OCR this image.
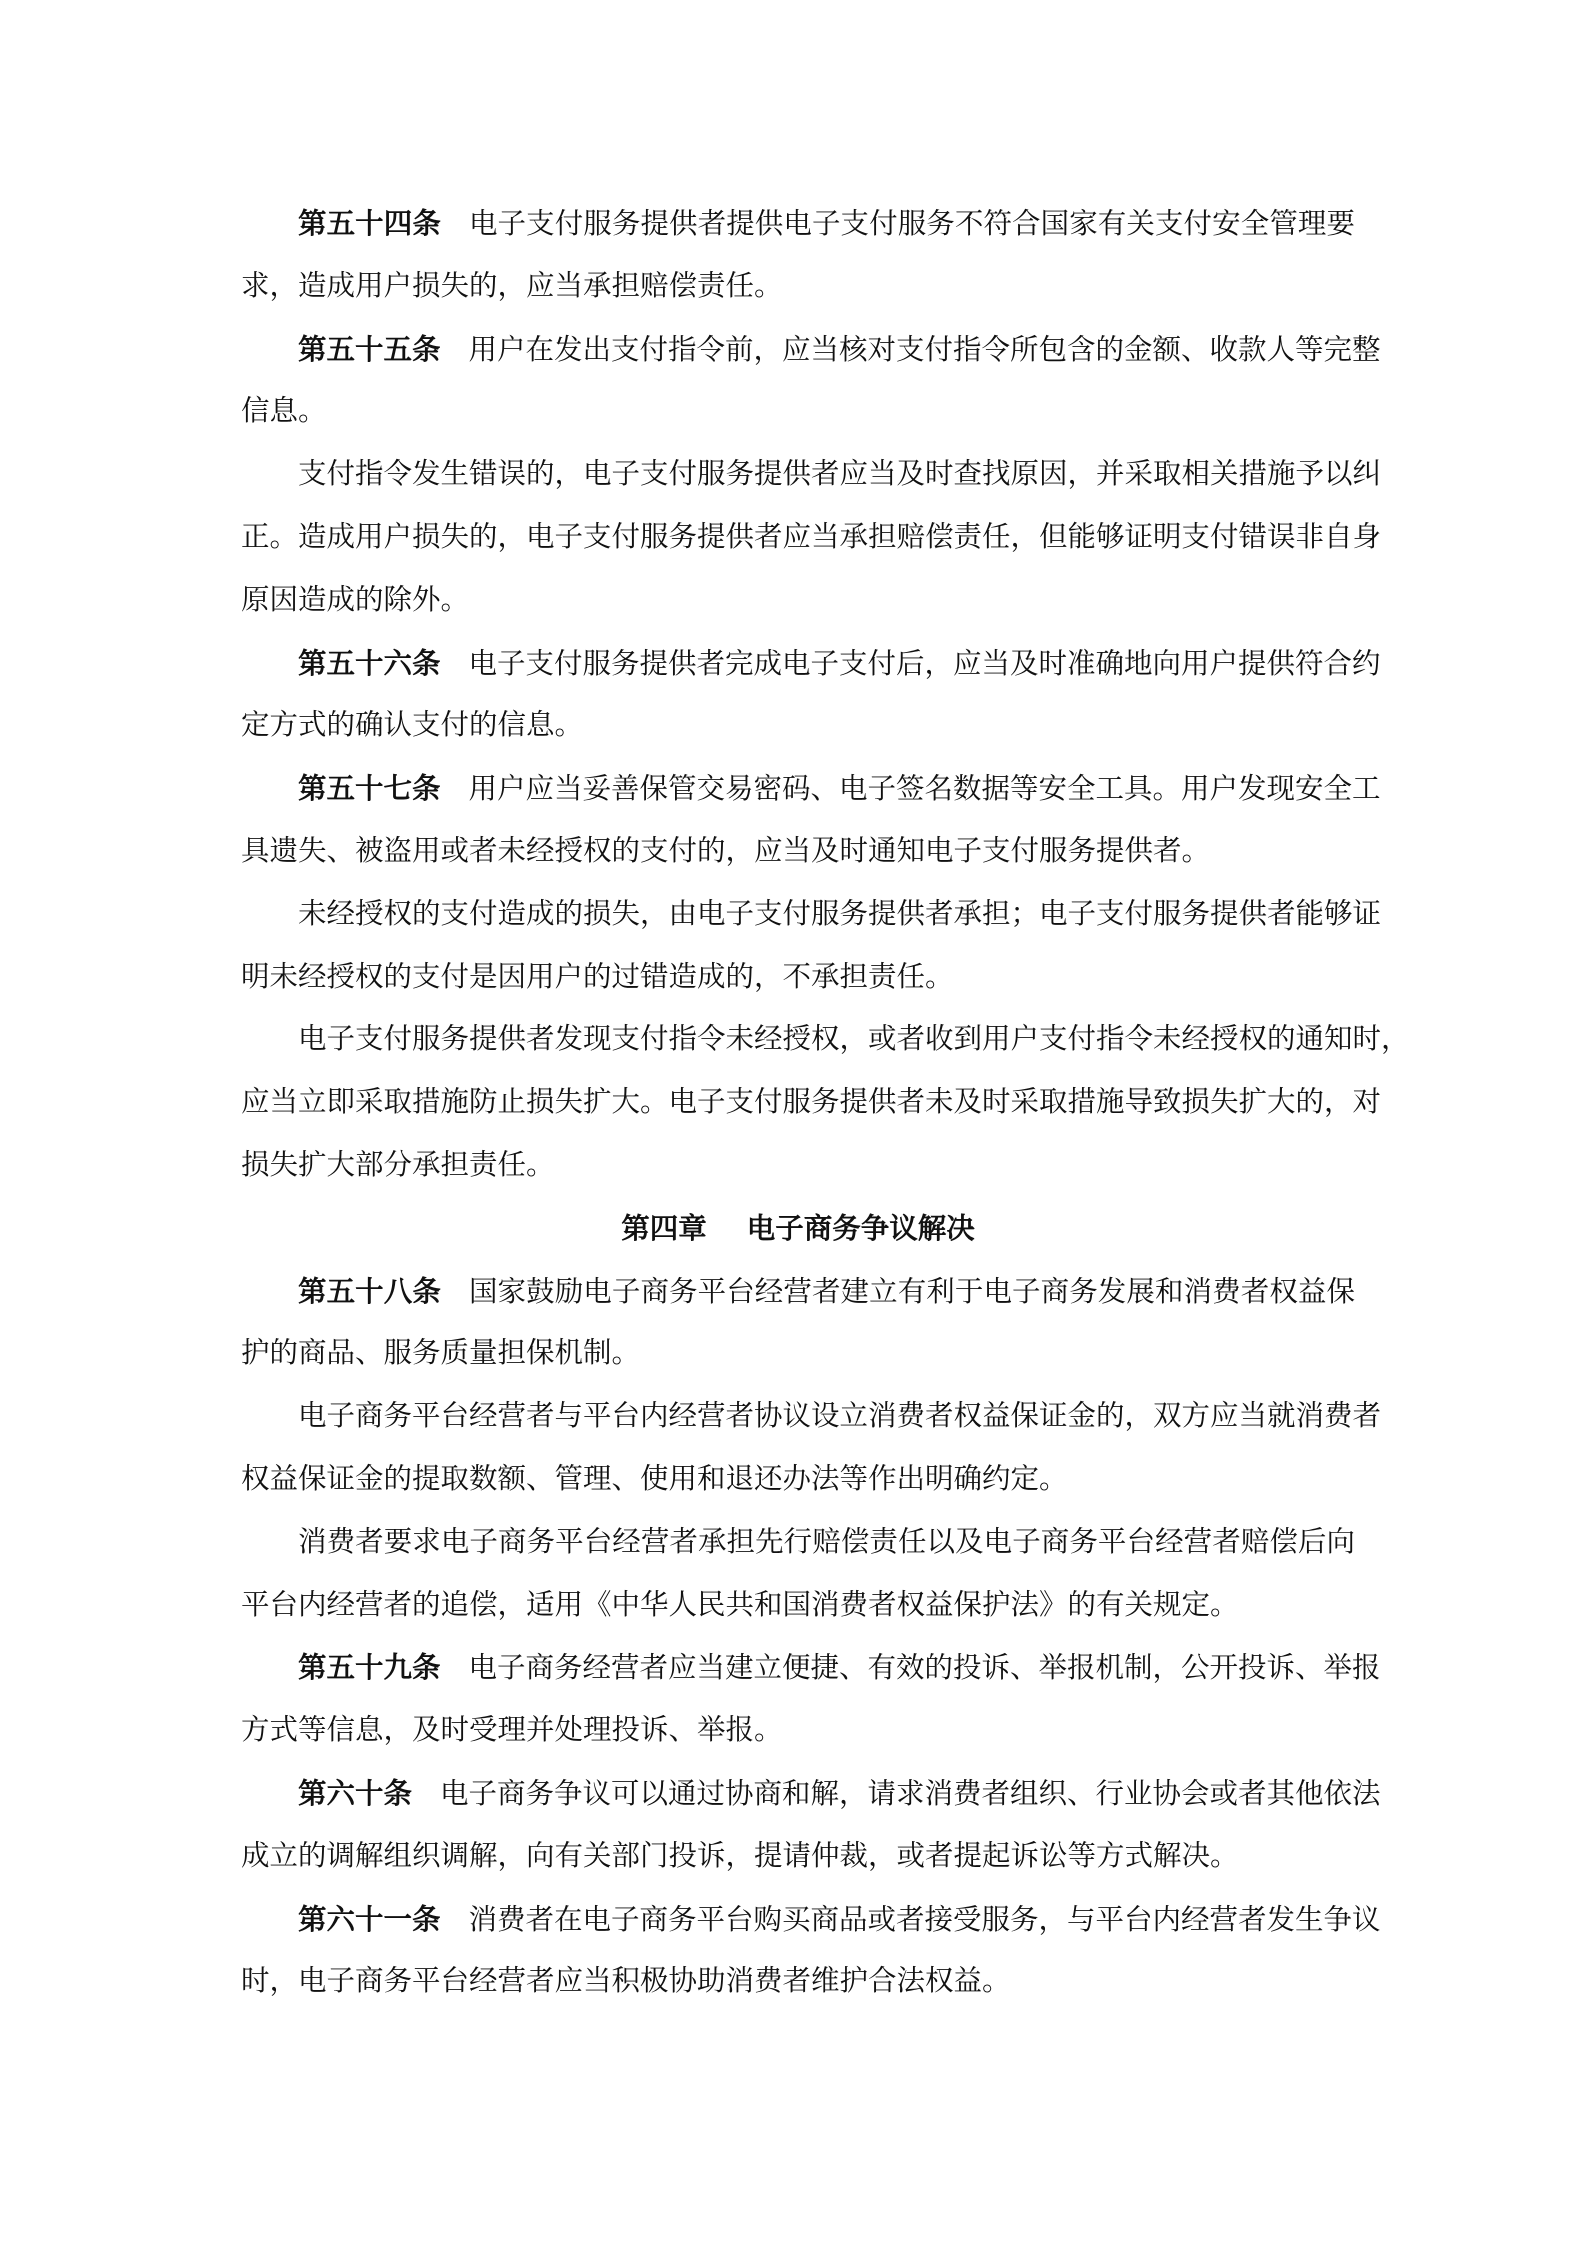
第五十四条 电子支付服务提供者提供电子支付服务不符合国家有关支付安全管理要
求，造成用户损失的，应当承担赔偿责任。
第五十五条 用户在发出支付指令前，应当核对支付指令所包含的金额、收款人等完整
信息。
支付指令发生错误的，电子支付服务提供者应当及时查找原因，并采取相关措施予以纠
正。造成用户损失的，电子支付服务提供者应当承担赔偿责任，但能够证明支付错误非自身
原因造成的除外。
第五十六条 电子支付服务提供者完成电子支付后，应当及时准确地向用户提供符合约
定方式的确认支付的信息。
第五十七条 用户应当妥善保管交易密码、电子签名数据等安全工具。用户发现安全工
具遗失、被盗用或者未经授权的支付的，应当及时通知电子支付服务提供者。
未经授权的支付造成的损失，由电子支付服务提供者承担；电子支付服务提供者能够证
明未经授权的支付是因用户的过错造成的，不承担责任。
电子支付服务提供者发现支付指令未经授权，或者收到用户支付指令未经授权的通知时，
应当立即采取措施防止损失扩大。电子支付服务提供者未及时采取措施导致损失扩大的，对
损失扩大部分承担责任。
第四章 电子商务争议解决
第五十八条 国家鼓励电子商务平台经营者建立有利于电子商务发展和消费者权益保
护的商品、服务质量担保机制。
电子商务平台经营者与平台内经营者协议设立消费者权益保证金的，双方应当就消费者
权益保证金的提取数额、管理、使用和退还办法等作出明确约定。
消费者要求电子商务平台经营者承担先行赔偿责任以及电子商务平台经营者赔偿后向
平台内经营者的追偿，适用《中华人民共和国消费者权益保护法》的有关规定。
第五十九条 电子商务经营者应当建立便捷、有效的投诉、举报机制，公开投诉、举报
方式等信息，及时受理并处理投诉、举报。
第六十条 电子商务争议可以通过协商和解，请求消费者组织、行业协会或者其他依法
成立的调解组织调解，向有关部门投诉，提请仲裁，或者提起诉讼等方式解决。
第六十一条 消费者在电子商务平台购买商品或者接受服务，与平台内经营者发生争议
时，电子商务平台经营者应当积极协助消费者维护合法权益。
